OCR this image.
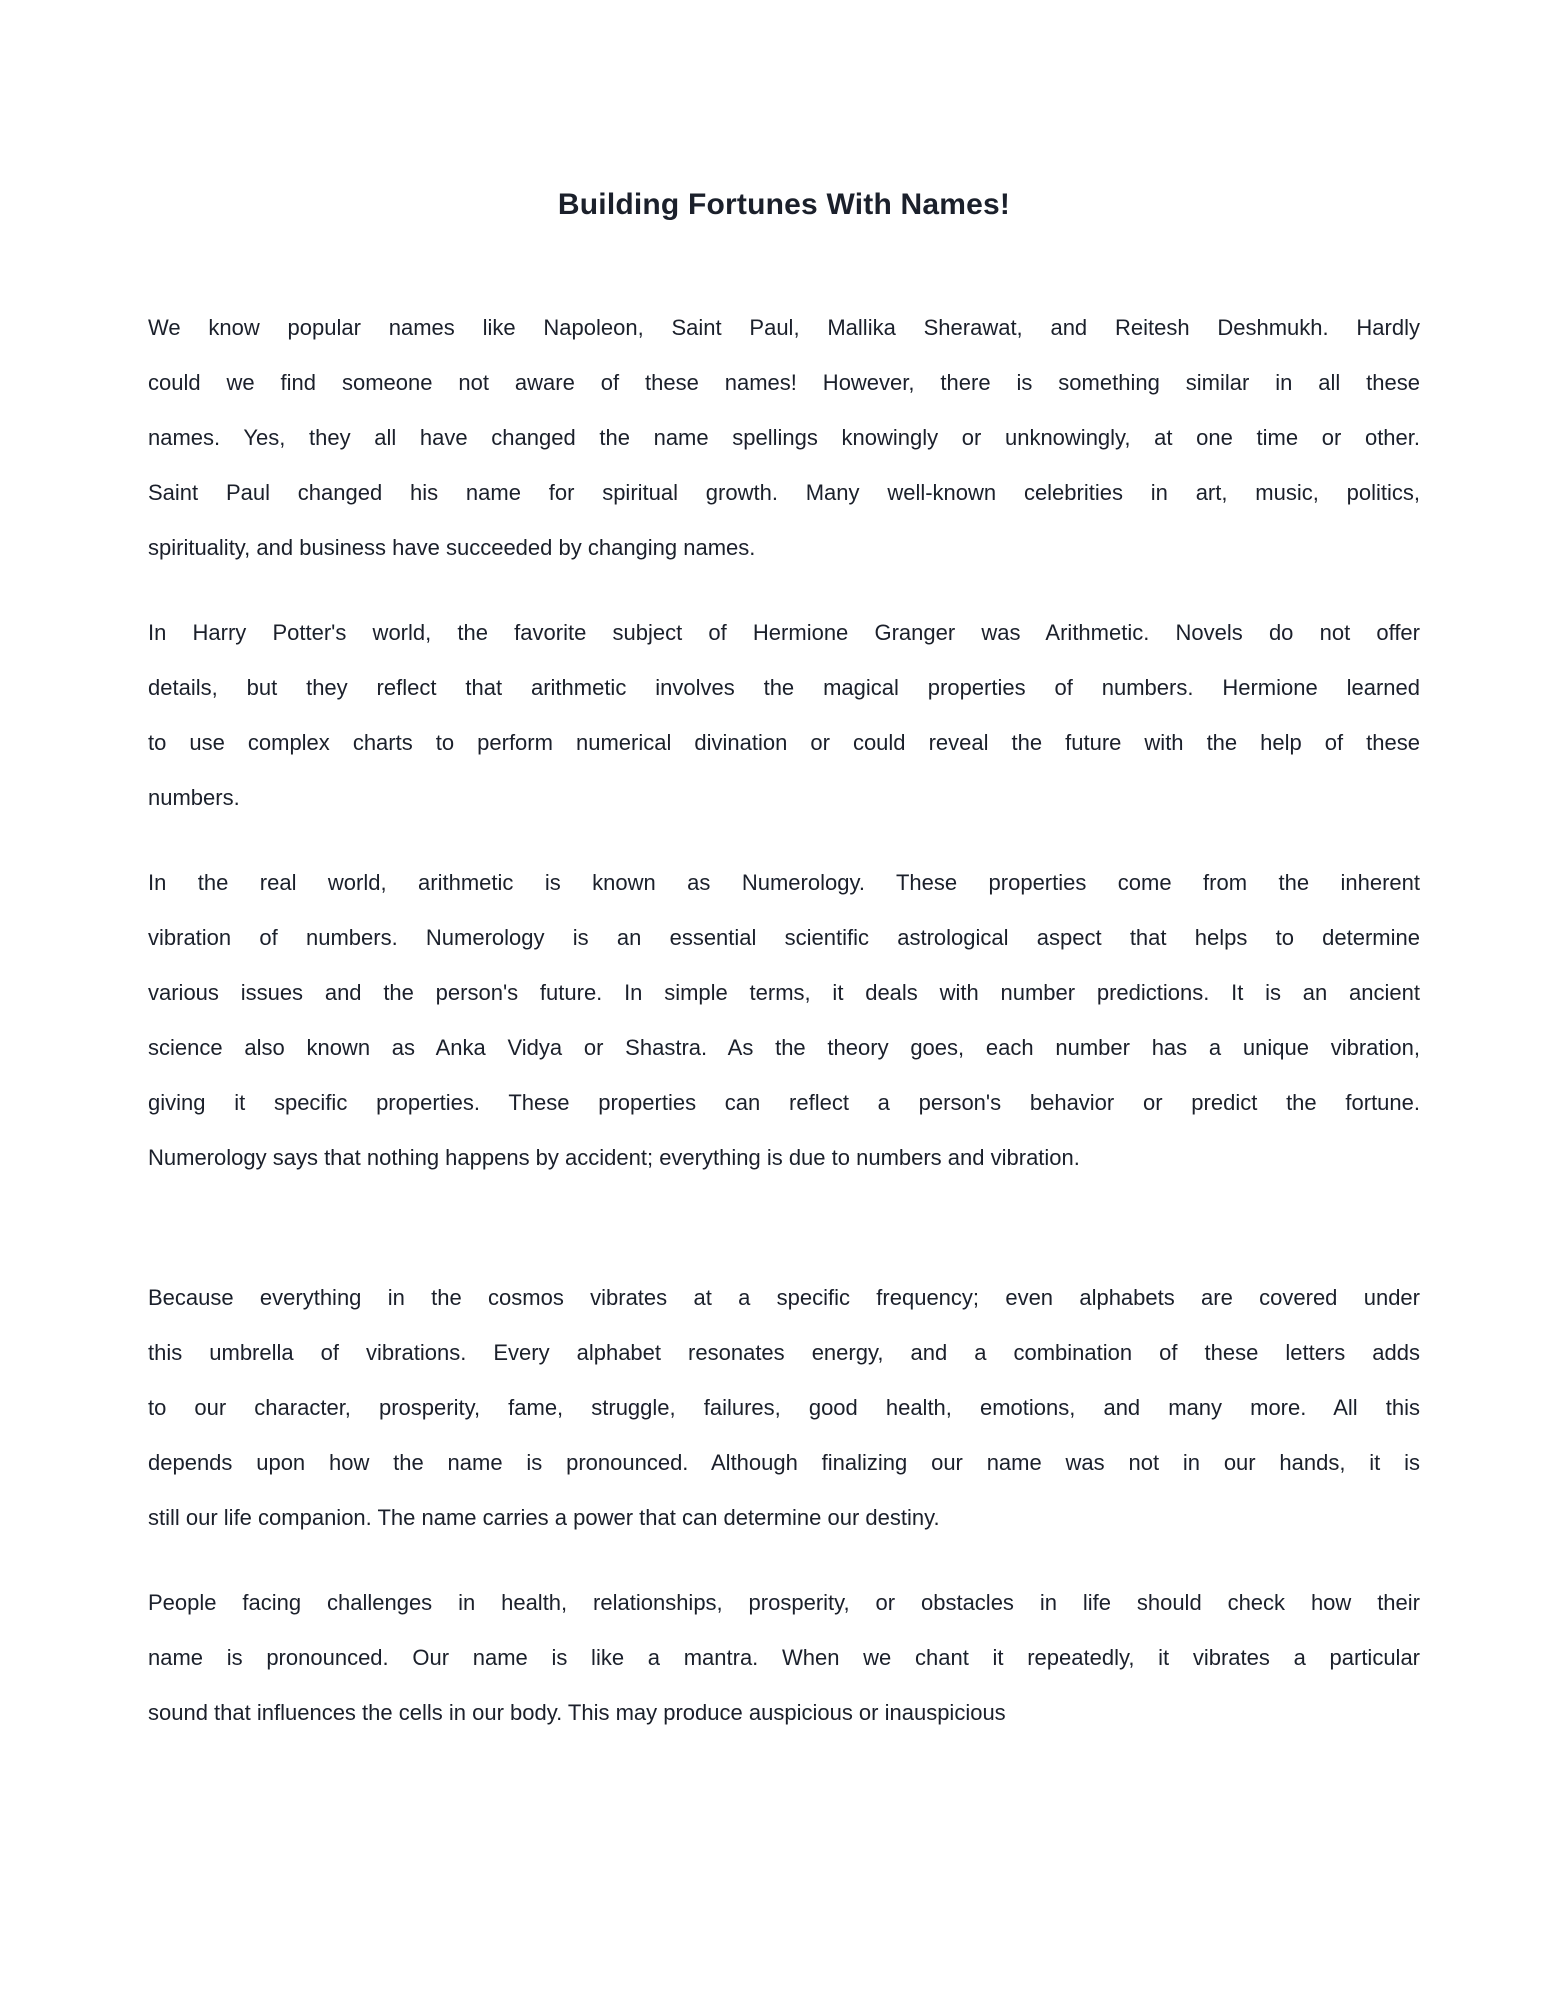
Building Fortunes With Names!
We know popular names like Napoleon, Saint Paul, Mallika Sherawat, and Reitesh Deshmukh. Hardly
could we find someone not aware of these names! However, there is something similar in all these
names. Yes, they all have changed the name spellings knowingly or unknowingly, at one time or other.
Saint Paul changed his name for spiritual growth. Many well-known celebrities in art, music, politics,
spirituality, and business have succeeded by changing names.
In Harry Potter's world, the favorite subject of Hermione Granger was Arithmetic. Novels do not offer
details, but they reflect that arithmetic involves the magical properties of numbers. Hermione learned
to use complex charts to perform numerical divination or could reveal the future with the help of these
numbers.
In the real world, arithmetic is known as Numerology. These properties come from the inherent
vibration of numbers. Numerology is an essential scientific astrological aspect that helps to determine
various issues and the person's future. In simple terms, it deals with number predictions. It is an ancient
science also known as Anka Vidya or Shastra. As the theory goes, each number has a unique vibration,
giving it specific properties. These properties can reflect a person's behavior or predict the fortune.
Numerology says that nothing happens by accident; everything is due to numbers and vibration.
Because everything in the cosmos vibrates at a specific frequency; even alphabets are covered under
this umbrella of vibrations. Every alphabet resonates energy, and a combination of these letters adds
to our character, prosperity, fame, struggle, failures, good health, emotions, and many more. All this
depends upon how the name is pronounced. Although finalizing our name was not in our hands, it is
still our life companion. The name carries a power that can determine our destiny.
People facing challenges in health, relationships, prosperity, or obstacles in life should check how their
name is pronounced. Our name is like a mantra. When we chant it repeatedly, it vibrates a particular
sound that influences the cells in our body. This may produce auspicious or inauspicious
